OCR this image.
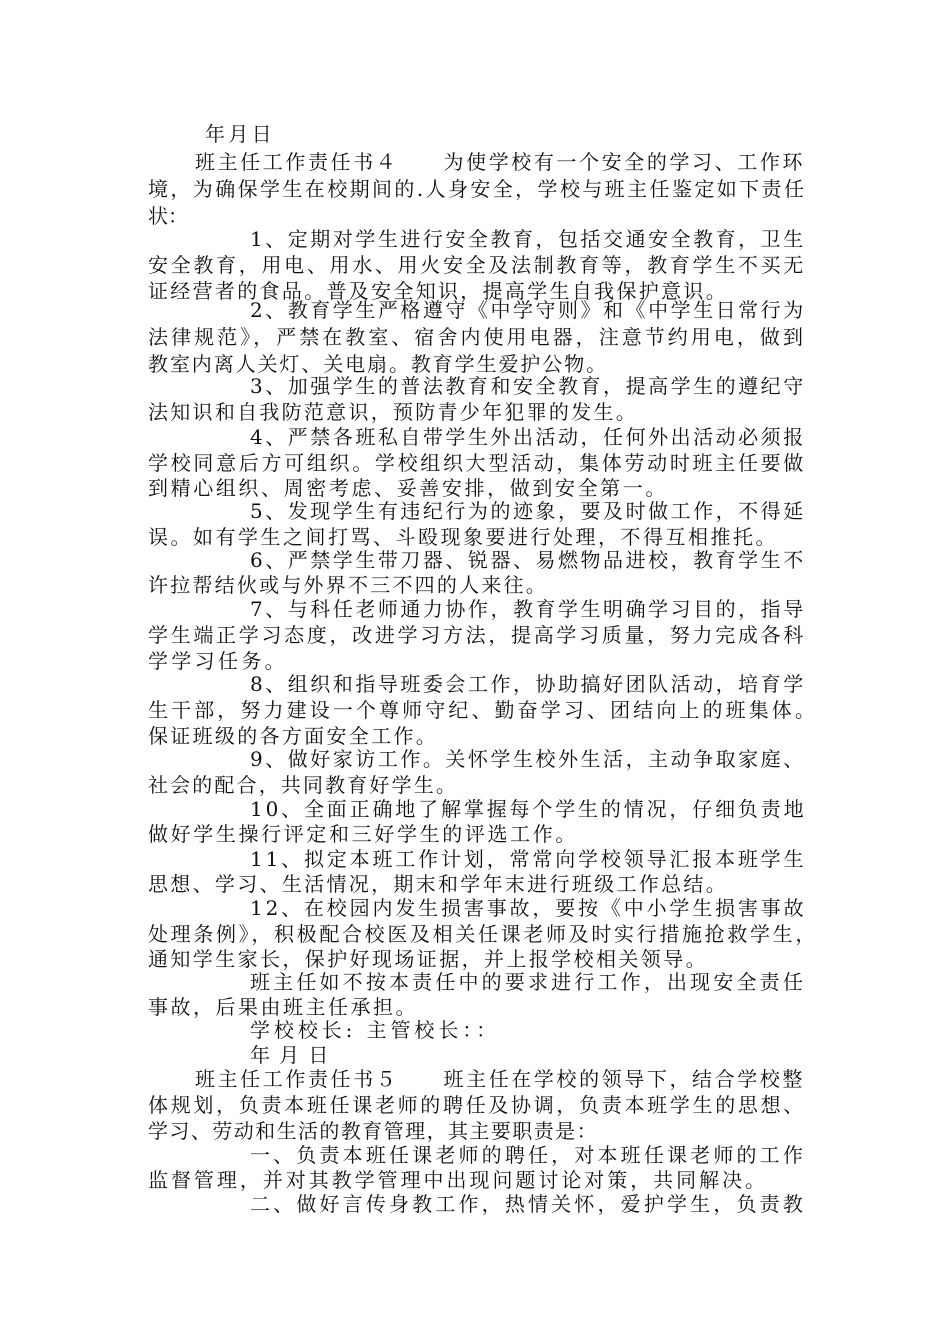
年月日
班主任工作责任书４　　为使学校有一个安全的学习、工作环
境，为确保学生在校期间的.人身安全，学校与班主任鉴定如下责任
状：
1、定期对学生进行安全教育，包括交通安全教育，卫生
安全教育，用电、用水、用火安全及法制教育等，教育学生不买无
证经营者的食品。普及安全知识，提高学生自我保护意识。
2、教育学生严格遵守《中学守则》和《中学生日常行为
法律规范》，严禁在教室、宿舍内使用电器，注意节约用电，做到
教室内离人关灯、关电扇。教育学生爱护公物。
3、加强学生的普法教育和安全教育，提高学生的遵纪守
法知识和自我防范意识，预防青少年犯罪的发生。
4、严禁各班私自带学生外出活动，任何外出活动必须报
学校同意后方可组织。学校组织大型活动，集体劳动时班主任要做
到精心组织、周密考虑、妥善安排，做到安全第一。
5、发现学生有违纪行为的迹象，要及时做工作，不得延
误。如有学生之间打骂、斗殴现象要进行处理，不得互相推托。
6、严禁学生带刀器、锐器、易燃物品进校，教育学生不
许拉帮结伙或与外界不三不四的人来往。
7、与科任老师通力协作，教育学生明确学习目的，指导
学生端正学习态度，改进学习方法，提高学习质量，努力完成各科
学学习任务。
8、组织和指导班委会工作，协助搞好团队活动，培育学
生干部，努力建设一个尊师守纪、勤奋学习、团结向上的班集体。
保证班级的各方面安全工作。
9、做好家访工作。关怀学生校外生活，主动争取家庭、
社会的配合，共同教育好学生。
10、全面正确地了解掌握每个学生的情况，仔细负责地
做好学生操行评定和三好学生的评选工作。
11、拟定本班工作计划，常常向学校领导汇报本班学生
思想、学习、生活情况，期末和学年末进行班级工作总结。
12、在校园内发生损害事故，要按《中小学生损害事故
处理条例》，积极配合校医及相关任课老师及时实行措施抢救学生，
通知学生家长，保护好现场证据，并上报学校相关领导。
班主任如不按本责任中的要求进行工作，出现安全责任
事故，后果由班主任承担。
学校校长: 主管校长：：
年 月 日
班主任工作责任书５　　班主任在学校的领导下，结合学校整
体规划，负责本班任课老师的聘任及协调，负责本班学生的思想、
学习、劳动和生活的教育管理，其主要职责是：
一、负责本班任课老师的聘任，对本班任课老师的工作
监督管理，并对其教学管理中出现问题讨论对策，共同解决。
二、做好言传身教工作，热情关怀，爱护学生，负责教
